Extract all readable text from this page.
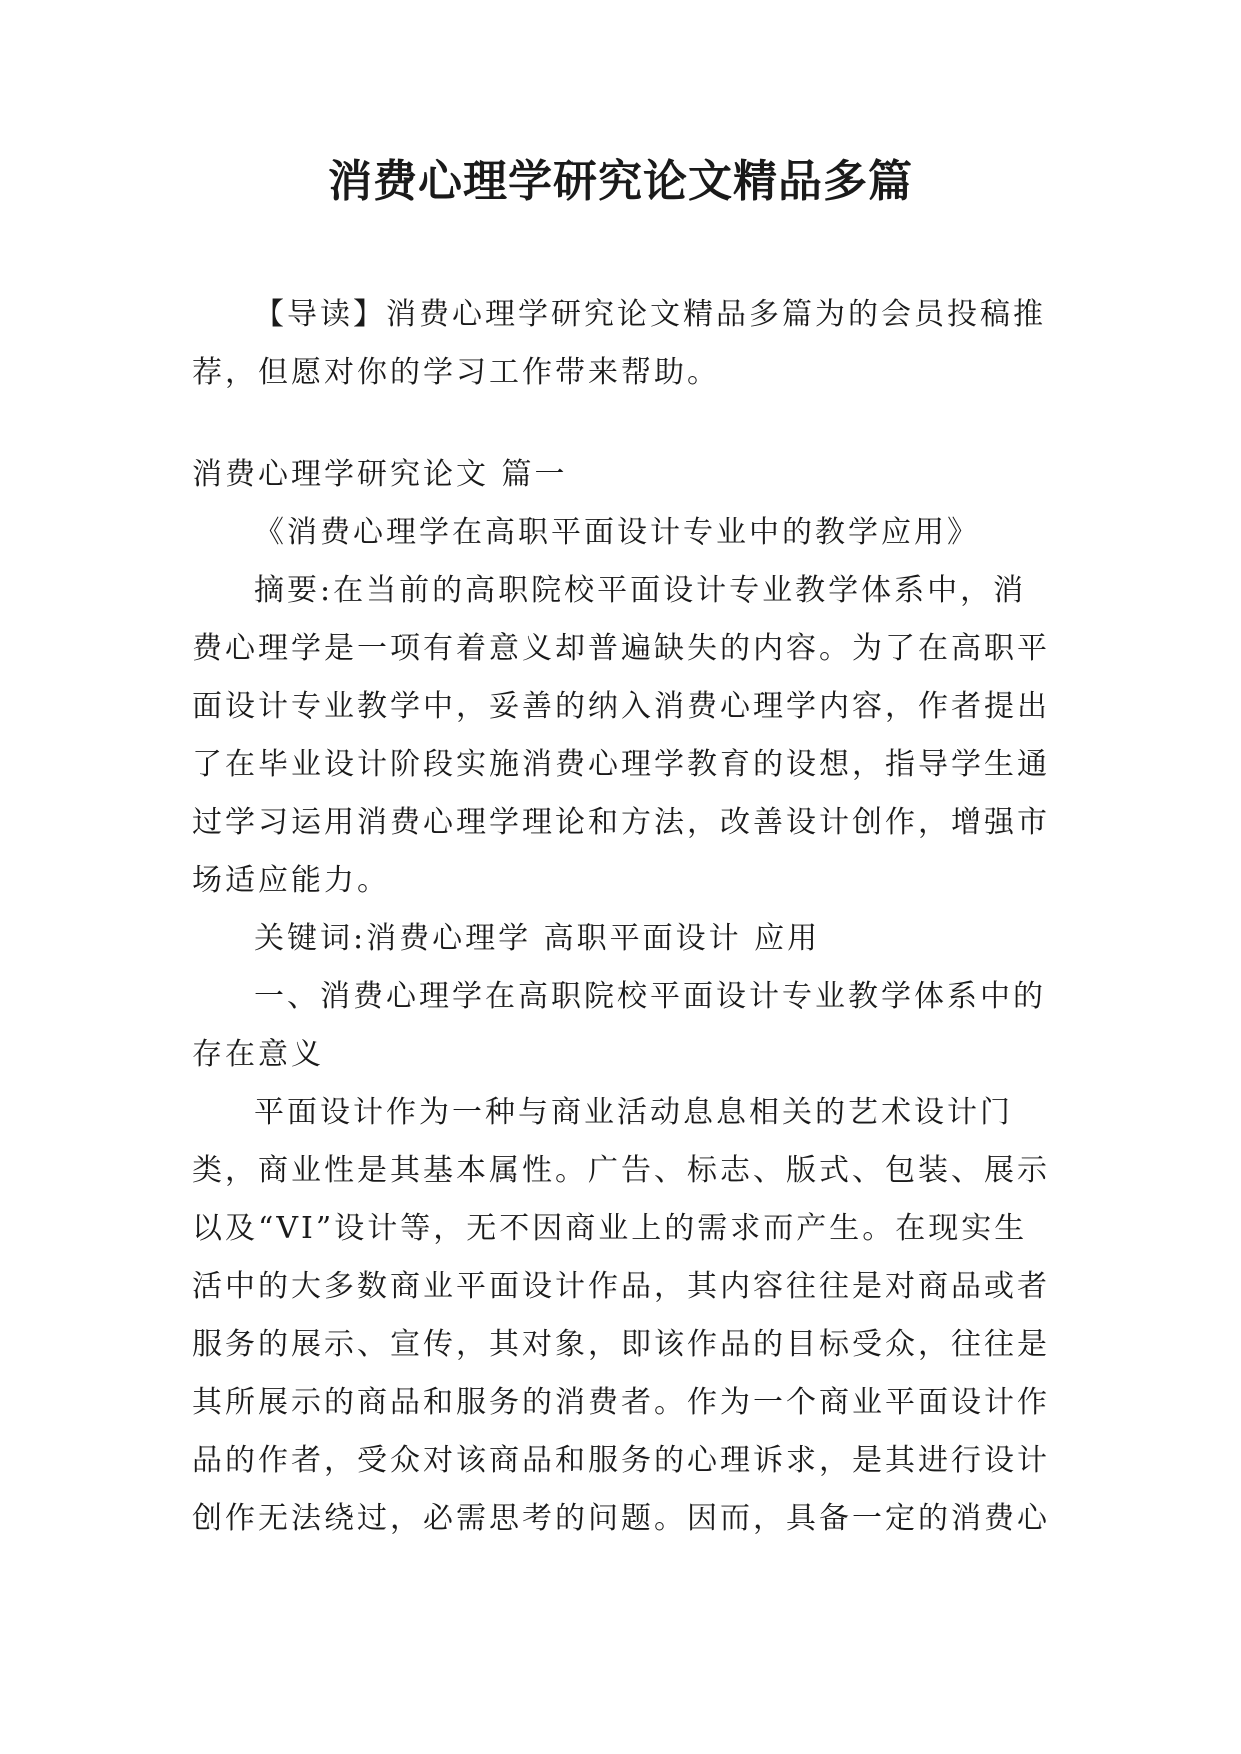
消费心理学研究论文精品多篇

【导读】消费心理学研究论文精品多篇为的会员投稿推

荐，但愿对你的学习工作带来帮助。

消费心理学研究论文 篇一

《消费心理学在高职平面设计专业中的教学应用》

摘要:在当前的高职院校平面设计专业教学体系中，消

费心理学是一项有着意义却普遍缺失的内容。为了在高职平

面设计专业教学中，妥善的纳入消费心理学内容，作者提出

了在毕业设计阶段实施消费心理学教育的设想，指导学生通

过学习运用消费心理学理论和方法，改善设计创作，增强市

场适应能力。

关键词:消费心理学 高职平面设计 应用

一、消费心理学在高职院校平面设计专业教学体系中的

存在意义

平面设计作为一种与商业活动息息相关的艺术设计门

类，商业性是其基本属性。广告、标志、版式、包装、展示

以及“VI”设计等，无不因商业上的需求而产生。在现实生

活中的大多数商业平面设计作品，其内容往往是对商品或者

服务的展示、宣传，其对象，即该作品的目标受众，往往是

其所展示的商品和服务的消费者。作为一个商业平面设计作

品的作者，受众对该商品和服务的心理诉求，是其进行设计

创作无法绕过，必需思考的问题。因而，具备一定的消费心
